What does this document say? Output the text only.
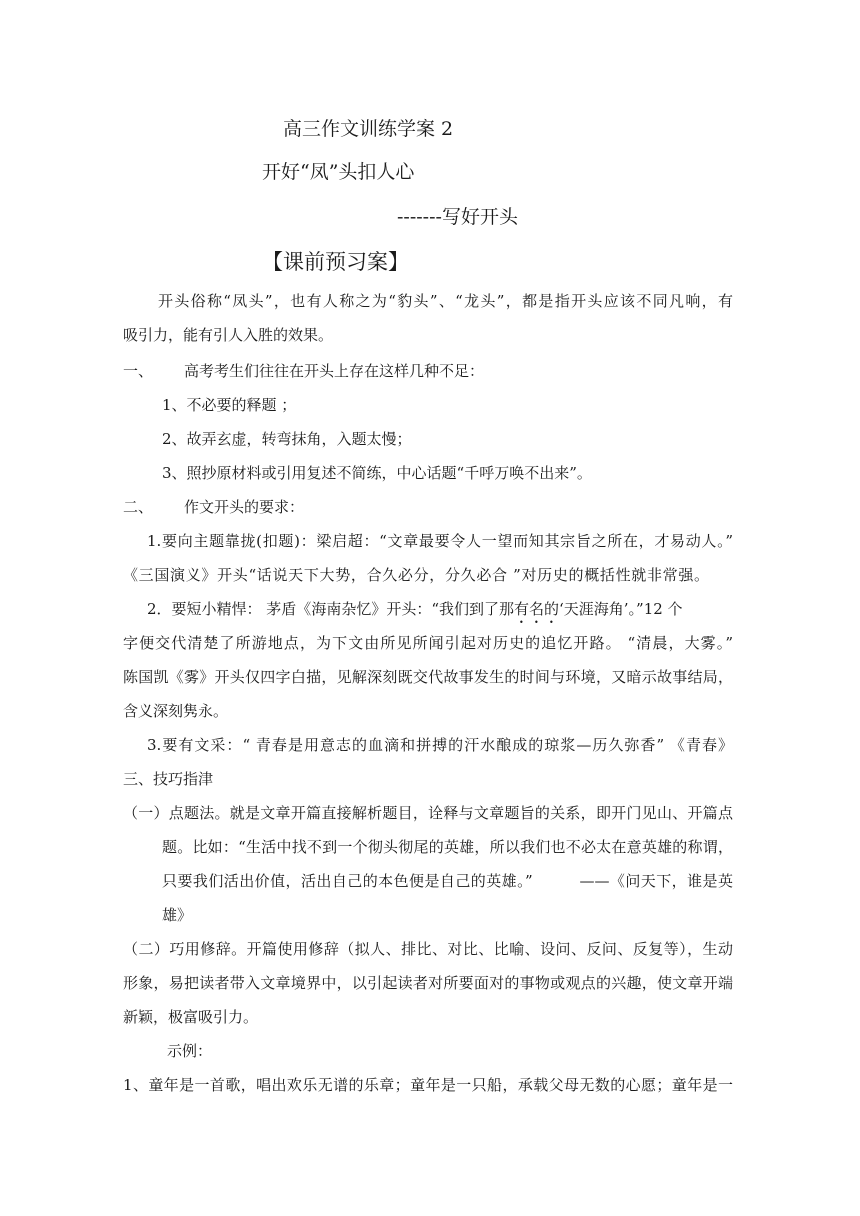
高三作文训练学案 2
开好“凤”头扣人心
-------写好开头
【课前预习案】
开头俗称“凤头”，也有人称之为“豹头”、“龙头”，都是指开头应该不同凡响，有
吸引力，能有引人入胜的效果。
一、 高考考生们往往在开头上存在这样几种不足：
1、不必要的释题 ；
2、故弄玄虚，转弯抹角，入题太慢；
3、照抄原材料或引用复述不简练，中心话题“千呼万唤不出来”。
二、 作文开头的要求：
1.要向主题靠拢(扣题)：梁启超：“文章最要令人一望而知其宗旨之所在，才易动人。”
《三国演义》开头“话说天下大势，合久必分，分久必合 ”对历史的概括性就非常强。
2．要短小精悍： 茅盾《海南杂忆》开头：“我们到了那有名的‘天涯海角’。”12 个
字便交代清楚了所游地点，为下文由所见所闻引起对历史的追忆开路。 “清晨，大雾。”
陈国凯《雾》开头仅四字白描，见解深刻既交代故事发生的时间与环境，又暗示故事结局，
含义深刻隽永。
3.要有文采：“ 青春是用意志的血滴和拼搏的汗水酿成的琼浆—历久弥香” 《青春》
三、技巧指津
（一）点题法。就是文章开篇直接解析题目，诠释与文章题旨的关系，即开门见山、开篇点
题。比如：“生活中找不到一个彻头彻尾的英雄，所以我们也不必太在意英雄的称谓，
只要我们活出价值，活出自己的本色便是自己的英雄。”　　　——《问天下，谁是英
雄》
（二）巧用修辞。开篇使用修辞（拟人、排比、对比、比喻、设问、反问、反复等），生动
形象，易把读者带入文章境界中，以引起读者对所要面对的事物或观点的兴趣，使文章开端
新颖，极富吸引力。
示例：
1、童年是一首歌，唱出欢乐无谱的乐章；童年是一只船，承载父母无数的心愿；童年是一
